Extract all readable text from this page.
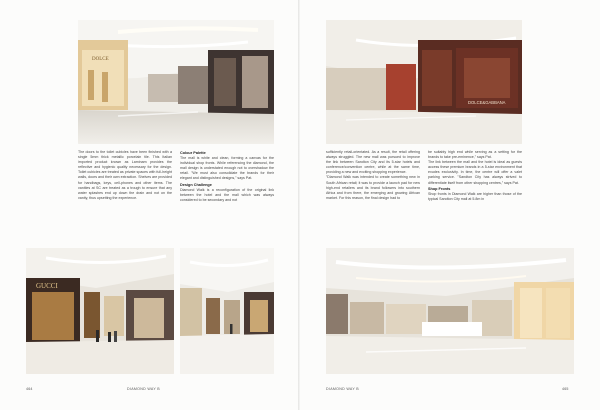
DOLCE

The doors to the toilet cubicles have been finished with a single 5mm thick metallic porcelain tile. This Italian imported product known as Laminam provides the reflective and hygienic quality necessary for the design. Toilet cubicles are treated as private spaces with full-height walls, doors and their own extraction. Shelves are provided for handbags, keys, cell-phones and other items. The vanities at SC are treated as a trough to ensure that any water splashes end up down the drain and not on the vanity, thus upsetting the experience.

Colour Palette

The mall is white and clean, forming a canvas for the individual shop fronts. While referencing the diamond, the mall design is understated enough not to overshadow the retail. "We must also consolidate the brands for their elegant and distinguished designs," says Pat.

Design Challenge

Diamond Walk is a reconfiguration of the original link between the hotel and the mall which was always considered to be secondary and not

GUCCI
464	DIAMOND WAY B
DOLCE&GABBANA

sufficiently retail-orientated. As a result, the retail offering always struggled. The new mall was pursued to improve the link between Sandton City and its 5-star hotels and conference/convention centre, while at the same time, providing a new and exciting shopping experience.

"Diamond Walk was intended to create something new in South African retail; it was to provide a launch pad for new high-end retailers and its brand followers into southern Africa and from there, the emerging and growing African market. For this reason, the final design had to

be suitably high end while serving as a setting for the brands to take pre-eminence," says Pat.

The link between the mall and the hotel is ideal as guests access these premium brands in a 5-star environment that exudes exclusivity. In time, the centre will offer a valet parking service. "Sandton City has always strived to differentiate itself from other shopping centres," says Pat.

Shop Fronts

Shop fronts in Diamond Walk are higher than those of the typical Sandton City mall at 5.8m in

DIAMOND WAY B	465
